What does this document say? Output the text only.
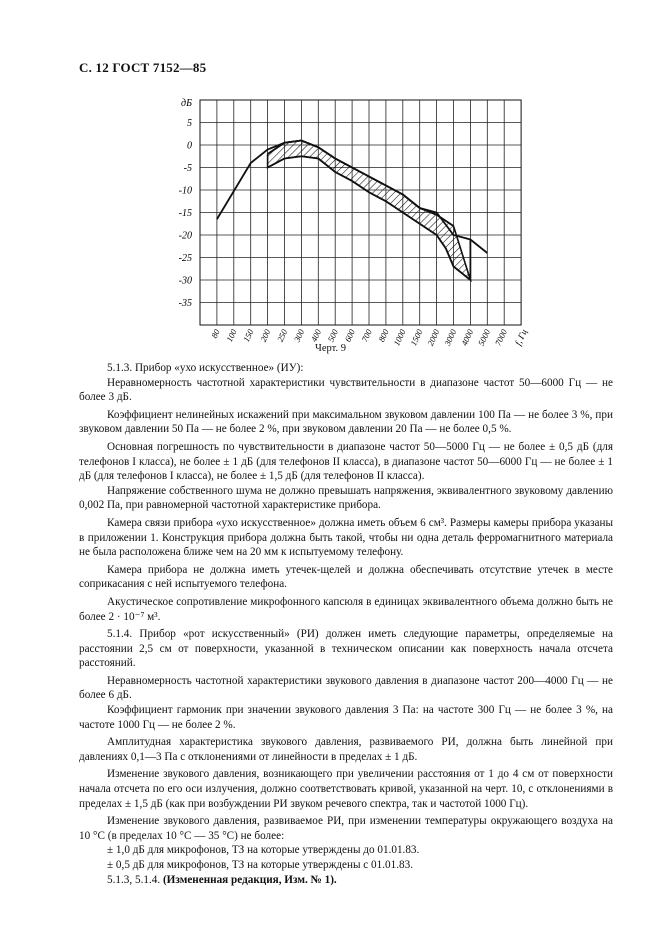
С. 12 ГОСТ 7152—85
дБ
5
0
-5
-10
-15
-20
-25
-30
-35
80 100 150 200 250 300 400 500 600 700 800 1000 1500 2000 3000 4000 5000 7000 f, Гц
Черт. 9

5.1.3. Прибор «ухо искусственное» (ИУ):

Неравномерность частотной характеристики чувствительности в диапазоне частот 50—6000 Гц — не более 3 дБ.

Коэффициент нелинейных искажений при максимальном звуковом давлении 100 Па — не более 3 %, при звуковом давлении 50 Па — не более 2 %, при звуковом давлении 20 Па — не более 0,5 %.

Основная погрешность по чувствительности в диапазоне частот 50—5000 Гц — не более ± 0,5 дБ (для телефонов I класса), не более ± 1 дБ (для телефонов II класса), в диапазоне частот 50—6000 Гц — не более ± 1 дБ (для телефонов I класса), не более ± 1,5 дБ (для телефонов II класса).

Напряжение собственного шума не должно превышать напряжения, эквивалентного звуковому давлению 0,002 Па, при равномерной частотной характеристике прибора.

Камера связи прибора «ухо искусственное» должна иметь объем 6 см³. Размеры камеры прибора указаны в приложении 1. Конструкция прибора должна быть такой, чтобы ни одна деталь ферромагнитного материала не была расположена ближе чем на 20 мм к испытуемому телефону.

Камера прибора не должна иметь утечек-щелей и должна обеспечивать отсутствие утечек в месте соприкасания с ней испытуемого телефона.

Акустическое сопротивление микрофонного капсюля в единицах эквивалентного объема должно быть не более 2 · 10⁻⁷ м³.

5.1.4. Прибор «рот искусственный» (РИ) должен иметь следующие параметры, определяемые на расстоянии 2,5 см от поверхности, указанной в техническом описании как поверхность начала отсчета расстояний.

Неравномерность частотной характеристики звукового давления в диапазоне частот 200—4000 Гц — не более 6 дБ.

Коэффициент гармоник при значении звукового давления 3 Па: на частоте 300 Гц — не более 3 %, на частоте 1000 Гц — не более 2 %.

Амплитудная характеристика звукового давления, развиваемого РИ, должна быть линейной при давлениях 0,1—3 Па с отклонениями от линейности в пределах ± 1 дБ.

Изменение звукового давления, возникающего при увеличении расстояния от 1 до 4 см от поверхности начала отсчета по его оси излучения, должно соответствовать кривой, указанной на черт. 10, с отклонениями в пределах ± 1,5 дБ (как при возбуждении РИ звуком речевого спектра, так и частотой 1000 Гц).

Изменение звукового давления, развиваемое РИ, при изменении температуры окружающего воздуха на 10 °С (в пределах 10 °С — 35 °С) не более:

± 1,0 дБ для микрофонов, ТЗ на которые утверждены до 01.01.83.

± 0,5 дБ для микрофонов, ТЗ на которые утверждены с 01.01.83.

5.1.3, 5.1.4. (Измененная редакция, Изм. № 1).
